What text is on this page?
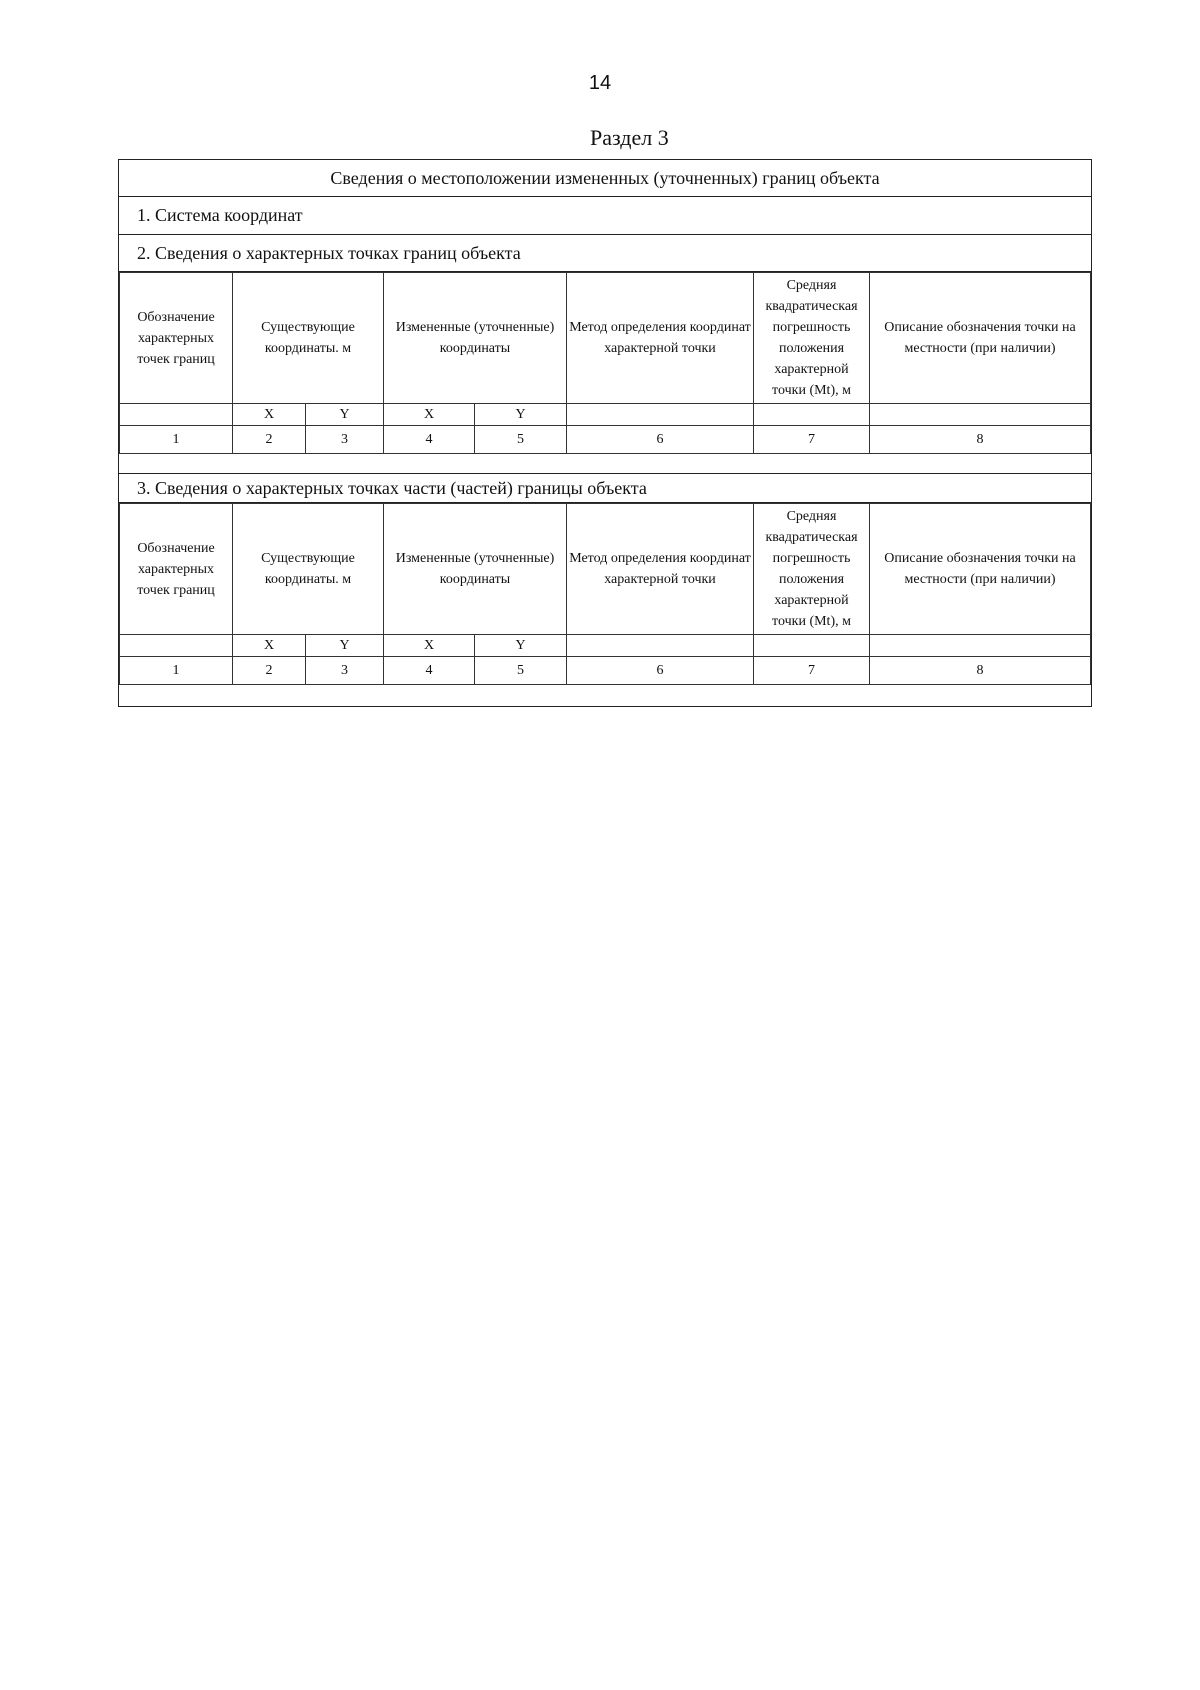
14
Раздел 3
Сведения о местоположении измененных (уточненных) границ объекта
1. Система координат
2. Сведения о характерных точках границ объекта
Обозначение характерных точек границ	Существующие координаты. м		Измененные (уточненные) координаты		Метод определения координат характерной точки	Средняя квадратическая погрешность положения характерной точки (Mt), м	Описание обозначения точки на местности (при наличии)
	X	Y	X	Y			
1	2	3	4	5	6	7	8
3. Сведения о характерных точках части (частей) границы объекта
Обозначение характерных точек границ	Существующие координаты. м		Измененные (уточненные) координаты		Метод определения координат характерной точки	Средняя квадратическая погрешность положения характерной точки (Mt), м	Описание обозначения точки на местности (при наличии)
	X	Y	X	Y			
1	2	3	4	5	6	7	8
